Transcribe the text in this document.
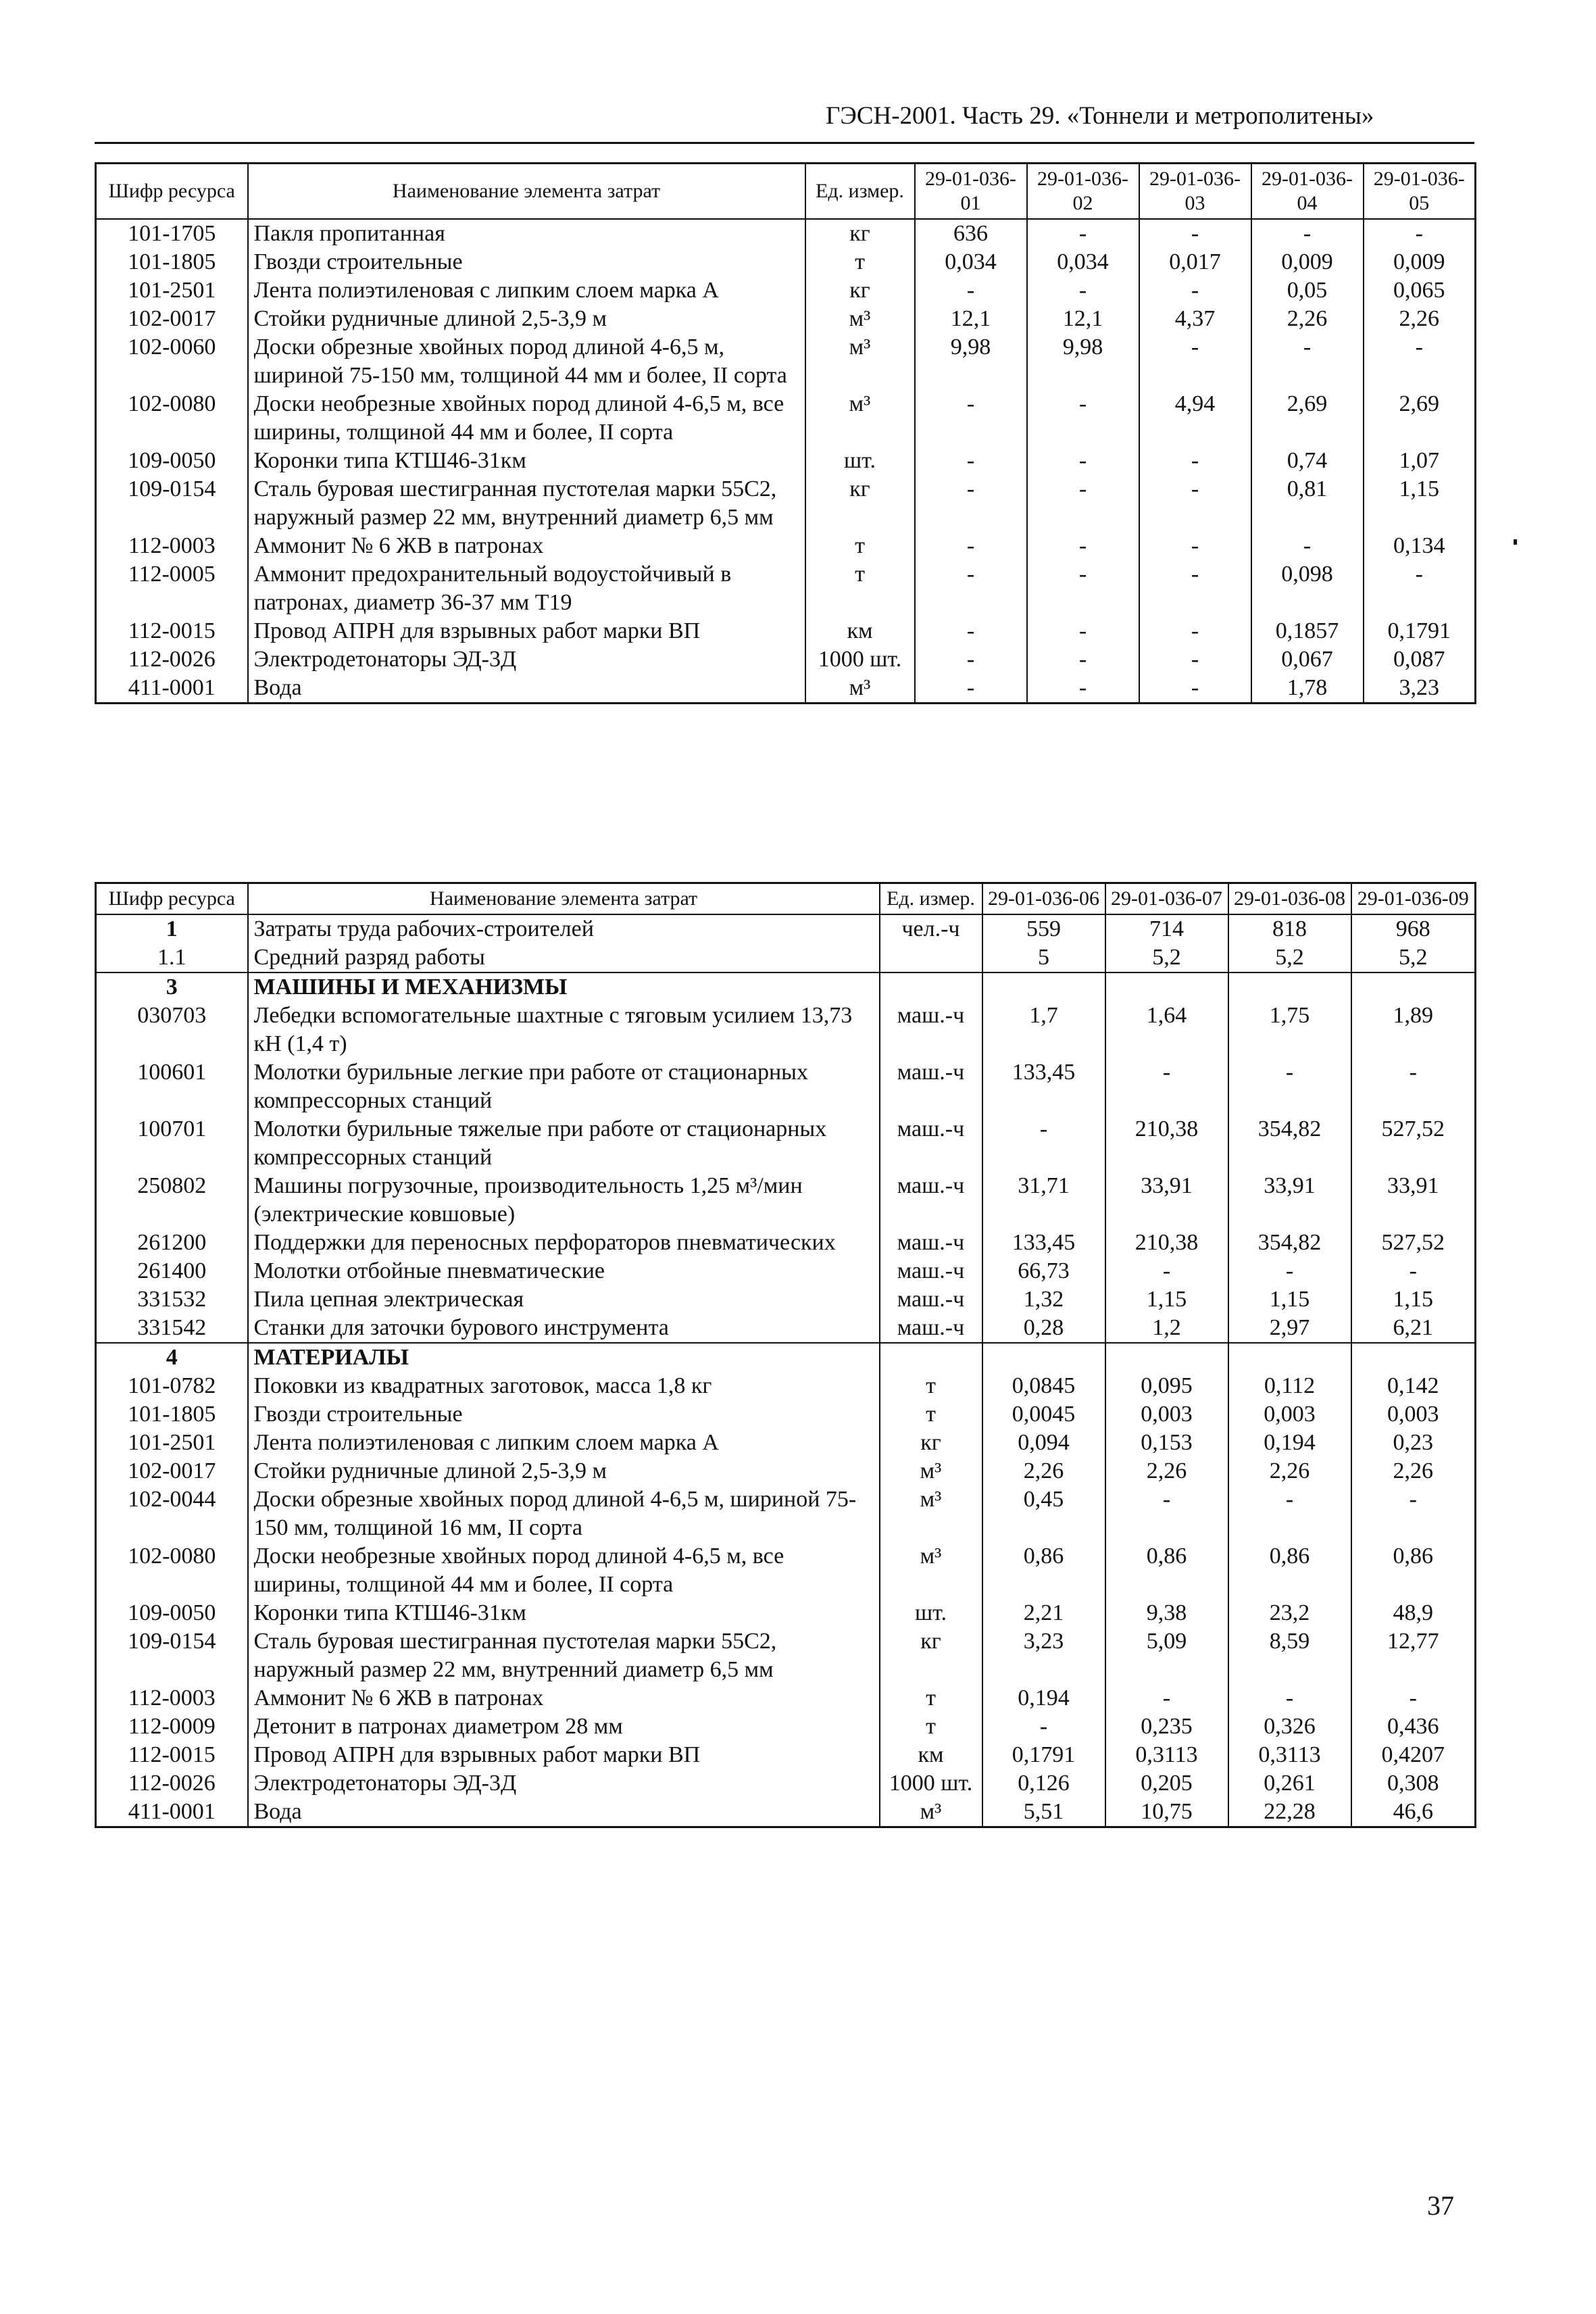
ГЭСН-2001. Часть 29. «Тоннели и метрополитены»
Шифр ресурса	Наименование элемента затрат	Ед. измер.	29-01-036-01	29-01-036-02	29-01-036-03	29-01-036-04	29-01-036-05
101-1705	Пакля пропитанная	кг	636	-	-	-	-
101-1805	Гвозди строительные	т	0,034	0,034	0,017	0,009	0,009
101-2501	Лента полиэтиленовая с липким слоем марка А	кг	-	-	-	0,05	0,065
102-0017	Стойки рудничные длиной 2,5-3,9 м	м³	12,1	12,1	4,37	2,26	2,26
102-0060	Доски обрезные хвойных пород длиной 4-6,5 м, шириной 75-150 мм, толщиной 44 мм и более, II сорта	м³	9,98	9,98	-	-	-
102-0080	Доски необрезные хвойных пород длиной 4-6,5 м, все ширины, толщиной 44 мм и более, II сорта	м³	-	-	4,94	2,69	2,69
109-0050	Коронки типа КТШ46-31км	шт.	-	-	-	0,74	1,07
109-0154	Сталь буровая шестигранная пустотелая марки 55С2, наружный размер 22 мм, внутренний диаметр 6,5 мм	кг	-	-	-	0,81	1,15
112-0003	Аммонит № 6 ЖВ в патронах	т	-	-	-	-	0,134
112-0005	Аммонит предохранительный водоустойчивый в патронах, диаметр 36-37 мм Т19	т	-	-	-	0,098	-
112-0015	Провод АПРН для взрывных работ марки ВП	км	-	-	-	0,1857	0,1791
112-0026	Электродетонаторы ЭД-3Д	1000 шт.	-	-	-	0,067	0,087
411-0001	Вода	м³	-	-	-	1,78	3,23
Шифр ресурса	Наименование элемента затрат	Ед. измер.	29-01-036-06	29-01-036-07	29-01-036-08	29-01-036-09
1	Затраты труда рабочих-строителей	чел.-ч	559	714	818	968
1.1	Средний разряд работы		5	5,2	5,2	5,2
3	МАШИНЫ И МЕХАНИЗМЫ					
030703	Лебедки вспомогательные шахтные с тяговым усилием 13,73 кН (1,4 т)	маш.-ч	1,7	1,64	1,75	1,89
100601	Молотки бурильные легкие при работе от стационарных компрессорных станций	маш.-ч	133,45	-	-	-
100701	Молотки бурильные тяжелые при работе от стационарных компрессорных станций	маш.-ч	-	210,38	354,82	527,52
250802	Машины погрузочные, производительность 1,25 м³/мин (электрические ковшовые)	маш.-ч	31,71	33,91	33,91	33,91
261200	Поддержки для переносных перфораторов пневматических	маш.-ч	133,45	210,38	354,82	527,52
261400	Молотки отбойные пневматические	маш.-ч	66,73	-	-	-
331532	Пила цепная электрическая	маш.-ч	1,32	1,15	1,15	1,15
331542	Станки для заточки бурового инструмента	маш.-ч	0,28	1,2	2,97	6,21
4	МАТЕРИАЛЫ					
101-0782	Поковки из квадратных заготовок, масса 1,8 кг	т	0,0845	0,095	0,112	0,142
101-1805	Гвозди строительные	т	0,0045	0,003	0,003	0,003
101-2501	Лента полиэтиленовая с липким слоем марка А	кг	0,094	0,153	0,194	0,23
102-0017	Стойки рудничные длиной 2,5-3,9 м	м³	2,26	2,26	2,26	2,26
102-0044	Доски обрезные хвойных пород длиной 4-6,5 м, шириной 75-150 мм, толщиной 16 мм, II сорта	м³	0,45	-	-	-
102-0080	Доски необрезные хвойных пород длиной 4-6,5 м, все ширины, толщиной 44 мм и более, II сорта	м³	0,86	0,86	0,86	0,86
109-0050	Коронки типа КТШ46-31км	шт.	2,21	9,38	23,2	48,9
109-0154	Сталь буровая шестигранная пустотелая марки 55С2, наружный размер 22 мм, внутренний диаметр 6,5 мм	кг	3,23	5,09	8,59	12,77
112-0003	Аммонит № 6 ЖВ в патронах	т	0,194	-	-	-
112-0009	Детонит в патронах диаметром 28 мм	т	-	0,235	0,326	0,436
112-0015	Провод АПРН для взрывных работ марки ВП	км	0,1791	0,3113	0,3113	0,4207
112-0026	Электродетонаторы ЭД-3Д	1000 шт.	0,126	0,205	0,261	0,308
411-0001	Вода	м³	5,51	10,75	22,28	46,6
37
